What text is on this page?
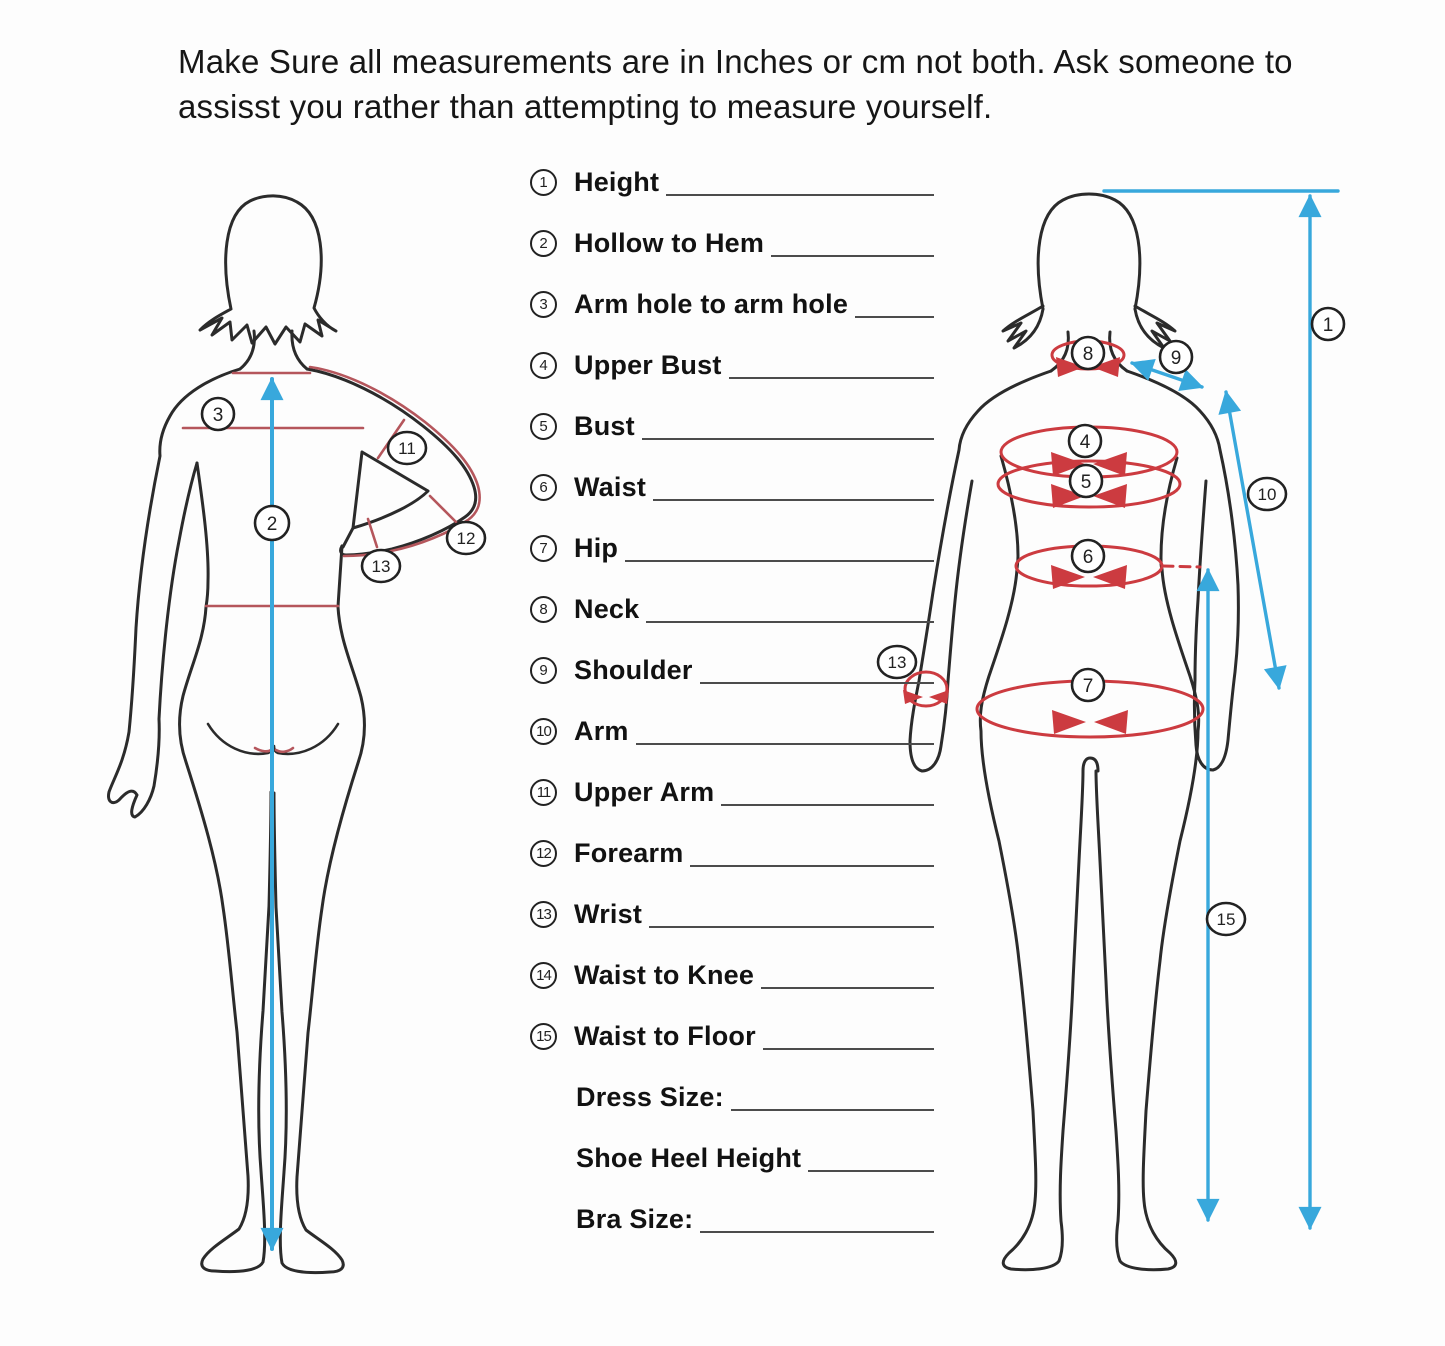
Make Sure all measurements are in Inches or cm not both. Ask someone to assisst you rather than attempting to measure yourself.
3
2
11
12
13
8	9
1
4
5
6
7
13
10
15
1 Height
2 Hollow to Hem
3 Arm hole to arm hole
4 Upper Bust
5 Bust
6 Waist
7 Hip
8 Neck
9 Shoulder
10 Arm
11 Upper Arm
12 Forearm
13 Wrist
14 Waist to Knee
15 Waist to Floor
Dress Size:
Shoe Heel Height
Bra Size:
